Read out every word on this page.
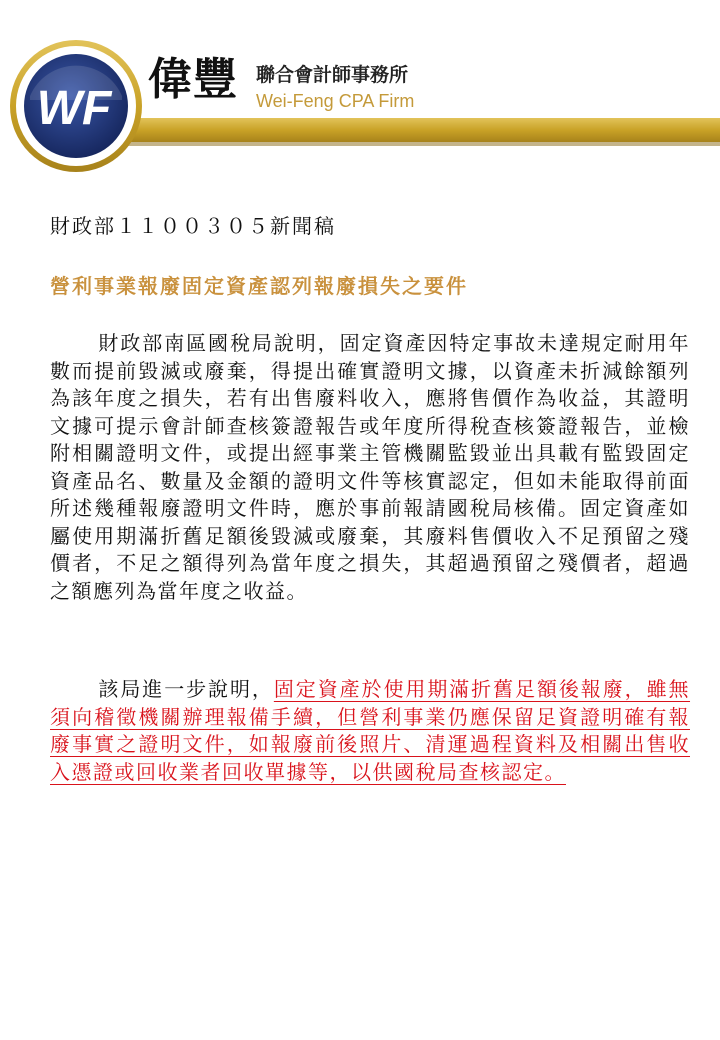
WF
偉豐 聯合會計師事務所
Wei-Feng CPA Firm
財政部１１００３０５新聞稿
營利事業報廢固定資產認列報廢損失之要件

財政部南區國稅局說明，固定資產因特定事故未達規定耐用年數而提前毀滅或廢棄，得提出確實證明文據，以資產未折減餘額列為該年度之損失，若有出售廢料收入，應將售價作為收益，其證明文據可提示會計師查核簽證報告或年度所得稅查核簽證報告，並檢附相關證明文件，或提出經事業主管機關監毀並出具載有監毀固定資產品名、數量及金額的證明文件等核實認定，但如未能取得前面所述幾種報廢證明文件時，應於事前報請國稅局核備。固定資產如屬使用期滿折舊足額後毀滅或廢棄，其廢料售價收入不足預留之殘價者，不足之額得列為當年度之損失，其超過預留之殘價者，超過之額應列為當年度之收益。

該局進一步說明，固定資產於使用期滿折舊足額後報廢，雖無須向稽徵機關辦理報備手續，但營利事業仍應保留足資證明確有報廢事實之證明文件，如報廢前後照片、清運過程資料及相關出售收入憑證或回收業者回收單據等，以供國稅局查核認定。
